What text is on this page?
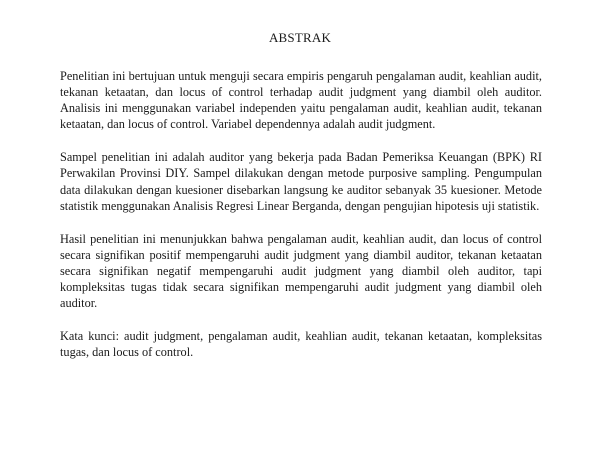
ABSTRAK

Penelitian ini bertujuan untuk menguji secara empiris pengaruh pengalaman audit, keahlian audit, tekanan ketaatan, dan locus of control terhadap audit judgment yang diambil oleh auditor. Analisis ini menggunakan variabel independen yaitu pengalaman audit, keahlian audit, tekanan ketaatan, dan locus of control. Variabel dependennya adalah audit judgment.

Sampel penelitian ini adalah auditor yang bekerja pada Badan Pemeriksa Keuangan (BPK) RI Perwakilan Provinsi DIY. Sampel dilakukan dengan metode purposive sampling. Pengumpulan data dilakukan dengan kuesioner disebarkan langsung ke auditor sebanyak 35 kuesioner. Metode statistik menggunakan Analisis Regresi Linear Berganda, dengan pengujian hipotesis uji statistik.

Hasil penelitian ini menunjukkan bahwa pengalaman audit, keahlian audit, dan locus of control secara signifikan positif mempengaruhi audit judgment yang diambil auditor, tekanan ketaatan secara signifikan negatif mempengaruhi audit judgment yang diambil oleh auditor, tapi kompleksitas tugas tidak secara signifikan mempengaruhi audit judgment yang diambil oleh auditor.

Kata kunci: audit judgment, pengalaman audit, keahlian audit, tekanan ketaatan, kompleksitas tugas, dan locus of control.
